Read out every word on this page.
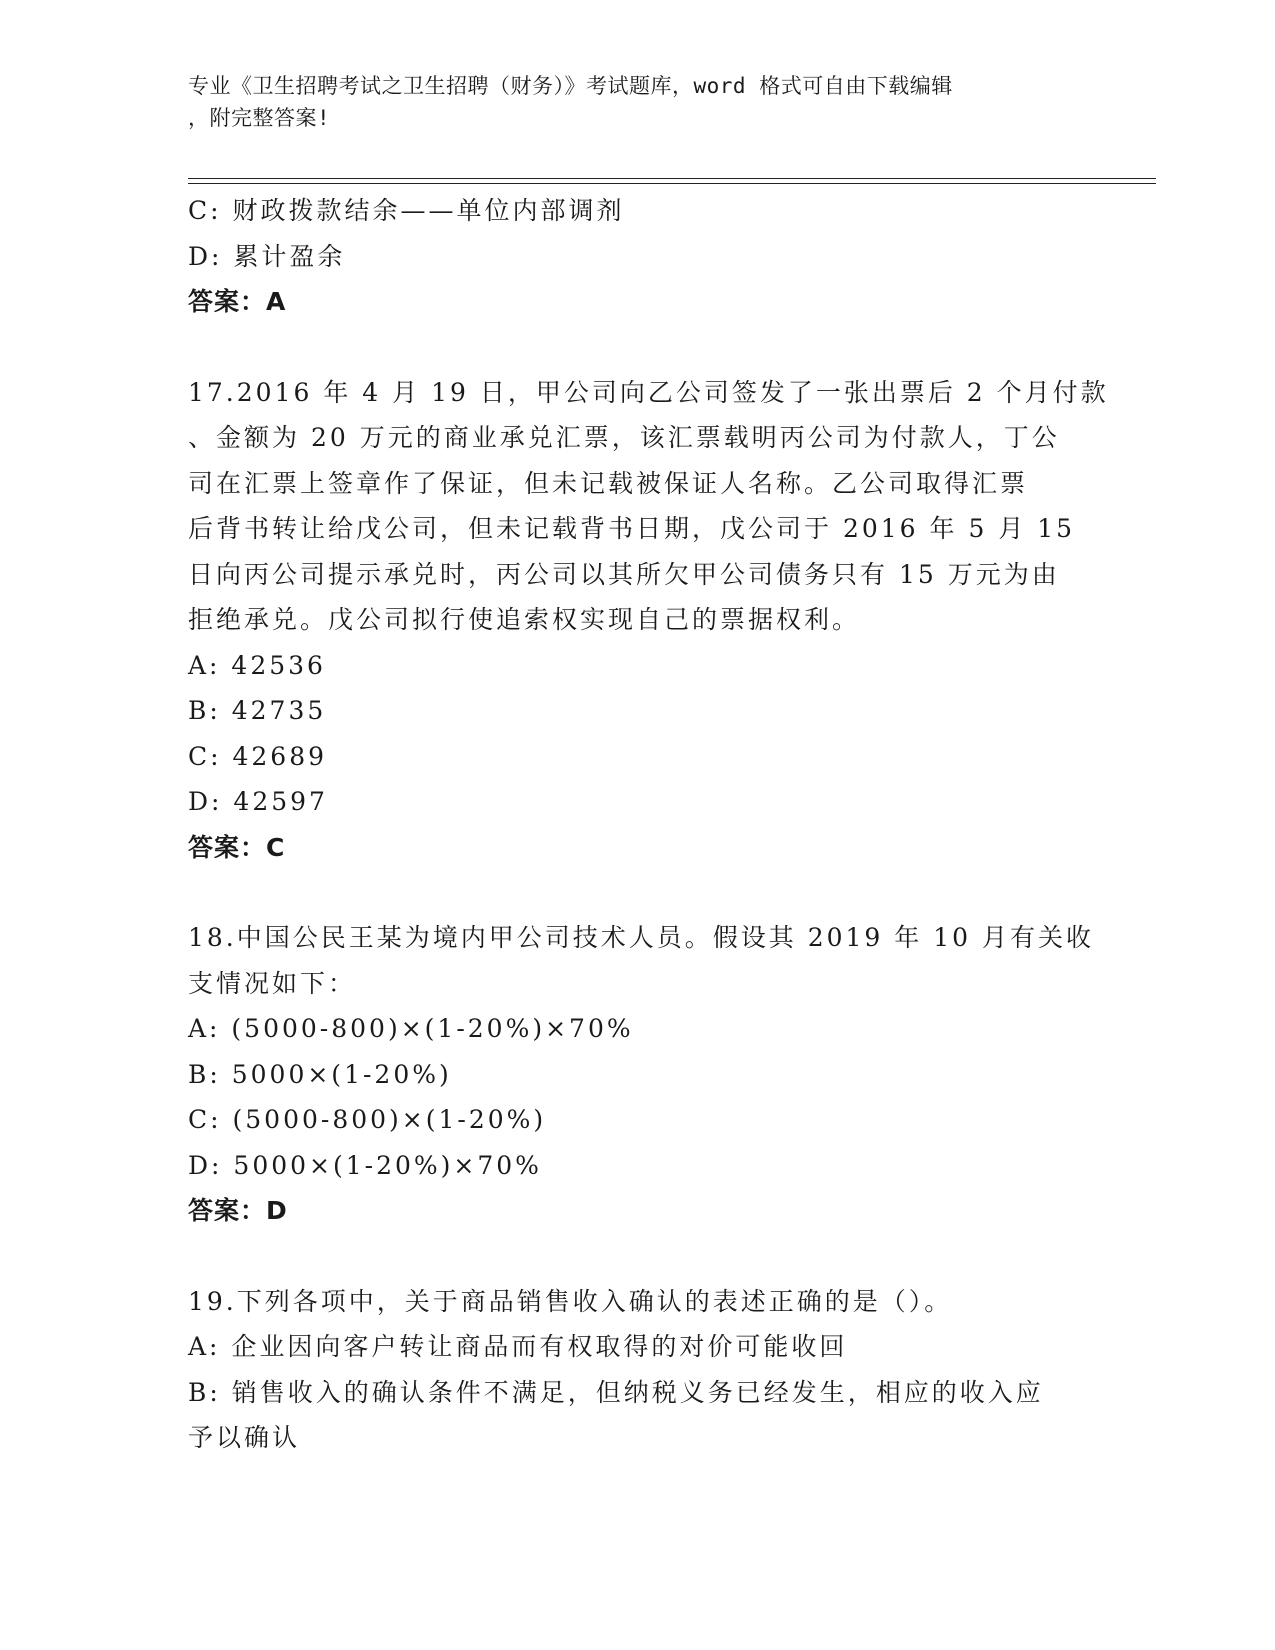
专业《卫生招聘考试之卫生招聘（财务）》考试题库，word 格式可自由下载编辑
，附完整答案!
C: 财政拨款结余——单位内部调剂
D: 累计盈余
答案：A
17.2016 年 4 月 19 日，甲公司向乙公司签发了一张出票后 2 个月付款
、金额为 20 万元的商业承兑汇票，该汇票载明丙公司为付款人，丁公
司在汇票上签章作了保证，但未记载被保证人名称。乙公司取得汇票
后背书转让给戊公司，但未记载背书日期，戊公司于 2016 年 5 月 15
日向丙公司提示承兑时，丙公司以其所欠甲公司债务只有 15 万元为由
拒绝承兑。戊公司拟行使追索权实现自己的票据权利。
A: 42536
B: 42735
C: 42689
D: 42597
答案：C
18.中国公民王某为境内甲公司技术人员。假设其 2019 年 10 月有关收
支情况如下：
A: (5000-800)×(1-20%)×70%
B: 5000×(1-20%)
C: (5000-800)×(1-20%)
D: 5000×(1-20%)×70%
答案：D
19.下列各项中，关于商品销售收入确认的表述正确的是（）。
A: 企业因向客户转让商品而有权取得的对价可能收回
B: 销售收入的确认条件不满足，但纳税义务已经发生，相应的收入应
予以确认
